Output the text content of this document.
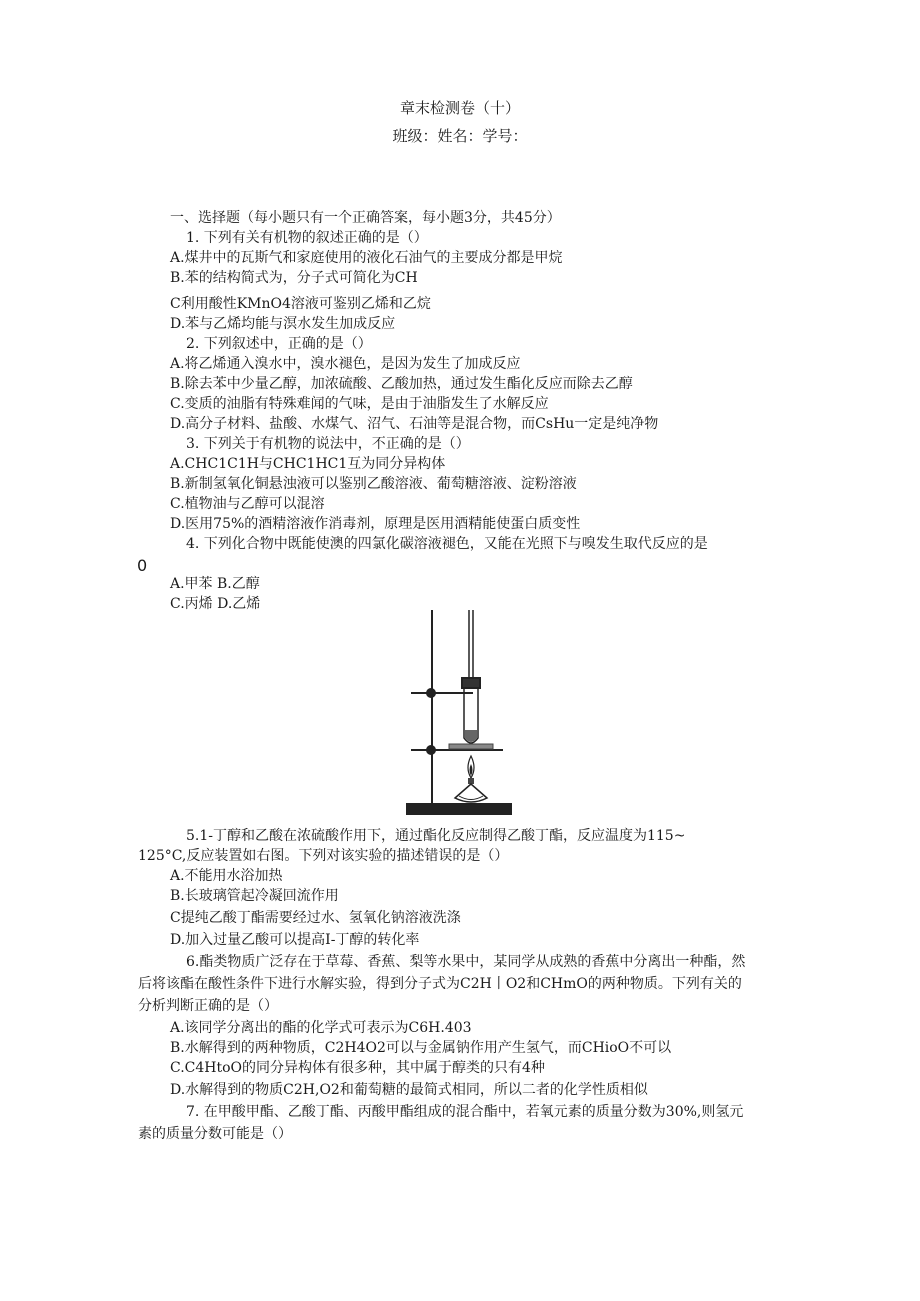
章末检测卷（十）
班级：姓名：学号：
一、选择题（每小题只有一个正确答案，每小题3分，共45分）
1. 下列有关有机物的叙述正确的是（）
A.煤井中的瓦斯气和家庭使用的液化石油气的主要成分都是甲烷
B.苯的结构简式为，分子式可简化为CH
C利用酸性KMnO4溶液可鉴别乙烯和乙烷
D.苯与乙烯均能与溟水发生加成反应
2. 下列叙述中，正确的是（）
A.将乙烯通入溴水中，溴水褪色，是因为发生了加成反应
B.除去苯中少量乙醇，加浓硫酸、乙酸加热，通过发生酯化反应而除去乙醇
C.变质的油脂有特殊难闻的气味，是由于油脂发生了水解反应
D.高分子材料、盐酸、水煤气、沼气、石油等是混合物，而CsHu一定是纯净物
3. 下列关于有机物的说法中，不正确的是（）
A.CHC1C1H与CHC1HC1互为同分异构体
B.新制氢氧化铜悬浊液可以鉴别乙酸溶液、葡萄糖溶液、淀粉溶液
C.植物油与乙醇可以混溶
D.医用75%的酒精溶液作消毒剂，原理是医用酒精能使蛋白质变性
4. 下列化合物中既能使澳的四氯化碳溶液褪色，又能在光照下与嗅发生取代反应的是
0
A.甲苯 B.乙醇
C.丙烯 D.乙烯
5.1-丁醇和乙酸在浓硫酸作用下，通过酯化反应制得乙酸丁酯，反应温度为115~
125°C,反应装置如右图。下列对该实验的描述错误的是（）
A.不能用水浴加热
B.长玻璃管起冷凝回流作用
C提纯乙酸丁酯需要经过水、氢氧化钠溶液洗涤
D.加入过量乙酸可以提高I-丁醇的转化率
6.酯类物质广泛存在于草莓、香蕉、梨等水果中，某同学从成熟的香蕉中分离出一种酯，然
后将该酯在酸性条件下进行水解实验，得到分子式为C2H丨O2和CHmO的两种物质。下列有关的
分析判断正确的是（）
A.该同学分离出的酯的化学式可表示为C6H.403
B.水解得到的两种物质，C2H4O2可以与金属钠作用产生氢气，而CHioO不可以
C.C4HtoO的同分异构体有很多种，其中属于醇类的只有4种
D.水解得到的物质C2H,O2和葡萄糖的最简式相同，所以二者的化学性质相似
7. 在甲酸甲酯、乙酸丁酯、丙酸甲酯组成的混合酯中，若氧元素的质量分数为30%,则氢元
素的质量分数可能是（）
